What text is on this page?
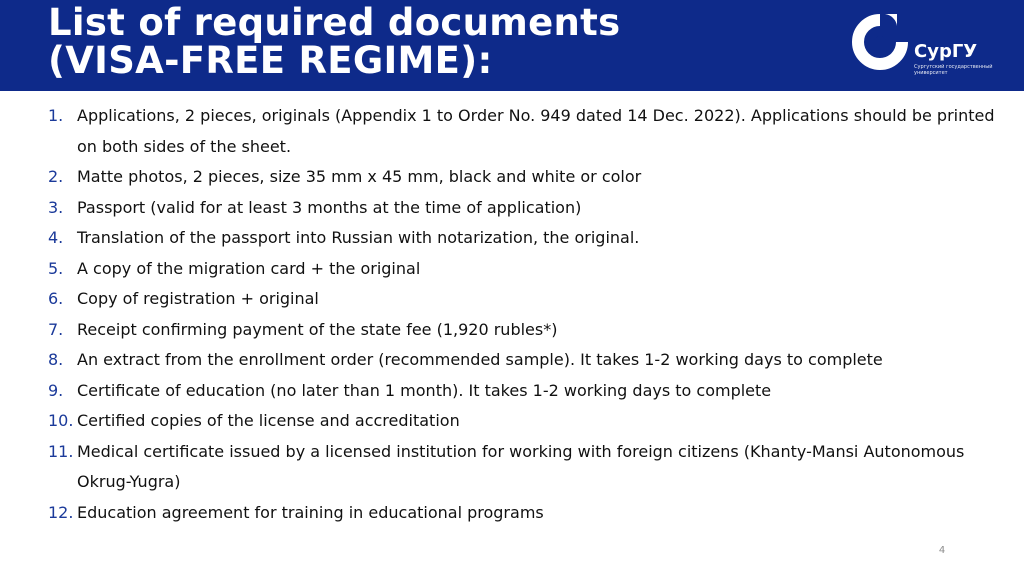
List of required documents
(VISA-FREE REGIME):	СурГУ
Сургутский государственный университет
1. Applications, 2 pieces, originals (Appendix 1 to Order No. 949 dated 14 Dec. 2022). Applications should be printed on both sides of the sheet.
2. Matte photos, 2 pieces, size 35 mm x 45 mm, black and white or color
3. Passport (valid for at least 3 months at the time of application)
4. Translation of the passport into Russian with notarization, the original.
5. A copy of the migration card + the original
6. Copy of registration + original
7. Receipt confirming payment of the state fee (1,920 rubles*)
8. An extract from the enrollment order (recommended sample). It takes 1-2 working days to complete
9. Certificate of education (no later than 1 month). It takes 1-2 working days to complete
10. Certified copies of the license and accreditation
11. Medical certificate issued by a licensed institution for working with foreign citizens (Khanty-Mansi Autonomous Okrug-Yugra)
12. Education agreement for training in educational programs
4
